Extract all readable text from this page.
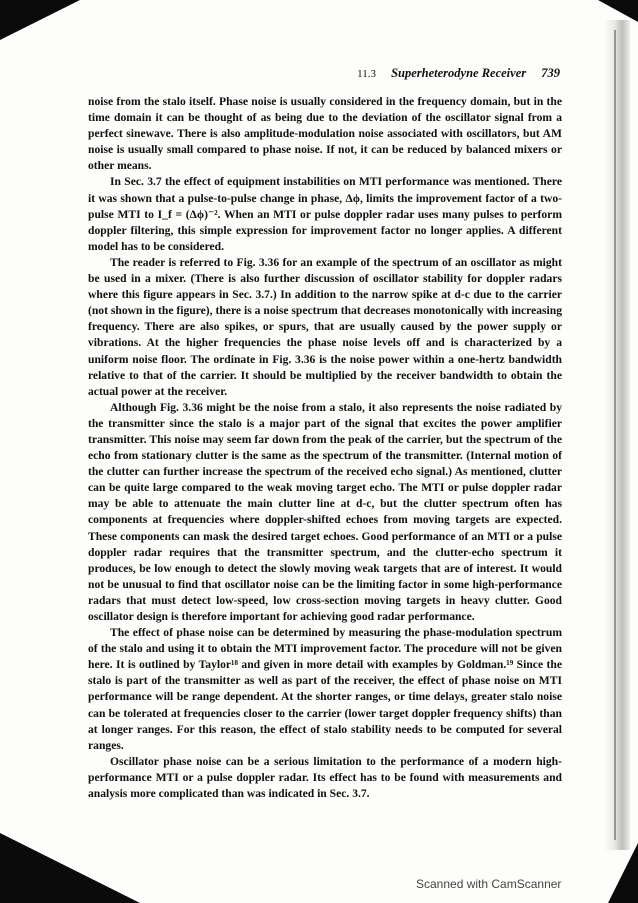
11.3 Superheterodyne Receiver 739

noise from the stalo itself. Phase noise is usually considered in the frequency domain, but in the time domain it can be thought of as being due to the deviation of the oscillator signal from a perfect sinewave. There is also amplitude-modulation noise associated with oscillators, but AM noise is usually small compared to phase noise. If not, it can be reduced by balanced mixers or other means.

In Sec. 3.7 the effect of equipment instabilities on MTI performance was mentioned. There it was shown that a pulse-to-pulse change in phase, Δϕ, limits the improvement factor of a two-pulse MTI to I_f = (Δϕ)⁻². When an MTI or pulse doppler radar uses many pulses to perform doppler filtering, this simple expression for improvement factor no longer applies. A different model has to be considered.

The reader is referred to Fig. 3.36 for an example of the spectrum of an oscillator as might be used in a mixer. (There is also further discussion of oscillator stability for doppler radars where this figure appears in Sec. 3.7.) In addition to the narrow spike at d-c due to the carrier (not shown in the figure), there is a noise spectrum that decreases monotonically with increasing frequency. There are also spikes, or spurs, that are usually caused by the power supply or vibrations. At the higher frequencies the phase noise levels off and is characterized by a uniform noise floor. The ordinate in Fig. 3.36 is the noise power within a one-hertz bandwidth relative to that of the carrier. It should be multiplied by the receiver bandwidth to obtain the actual power at the receiver.

Although Fig. 3.36 might be the noise from a stalo, it also represents the noise radiated by the transmitter since the stalo is a major part of the signal that excites the power amplifier transmitter. This noise may seem far down from the peak of the carrier, but the spectrum of the echo from stationary clutter is the same as the spectrum of the transmitter. (Internal motion of the clutter can further increase the spectrum of the received echo signal.) As mentioned, clutter can be quite large compared to the weak moving target echo. The MTI or pulse doppler radar may be able to attenuate the main clutter line at d-c, but the clutter spectrum often has components at frequencies where doppler-shifted echoes from moving targets are expected. These components can mask the desired target echoes. Good performance of an MTI or a pulse doppler radar requires that the transmitter spectrum, and the clutter-echo spectrum it produces, be low enough to detect the slowly moving weak targets that are of interest. It would not be unusual to find that oscillator noise can be the limiting factor in some high-performance radars that must detect low-speed, low cross-section moving targets in heavy clutter. Good oscillator design is therefore important for achieving good radar performance.

The effect of phase noise can be determined by measuring the phase-modulation spectrum of the stalo and using it to obtain the MTI improvement factor. The procedure will not be given here. It is outlined by Taylor¹⁸ and given in more detail with examples by Goldman.¹⁹ Since the stalo is part of the transmitter as well as part of the receiver, the effect of phase noise on MTI performance will be range dependent. At the shorter ranges, or time delays, greater stalo noise can be tolerated at frequencies closer to the carrier (lower target doppler frequency shifts) than at longer ranges. For this reason, the effect of stalo stability needs to be computed for several ranges.

Oscillator phase noise can be a serious limitation to the performance of a modern high-performance MTI or a pulse doppler radar. Its effect has to be found with measurements and analysis more complicated than was indicated in Sec. 3.7.

Scanned with CamScanner
